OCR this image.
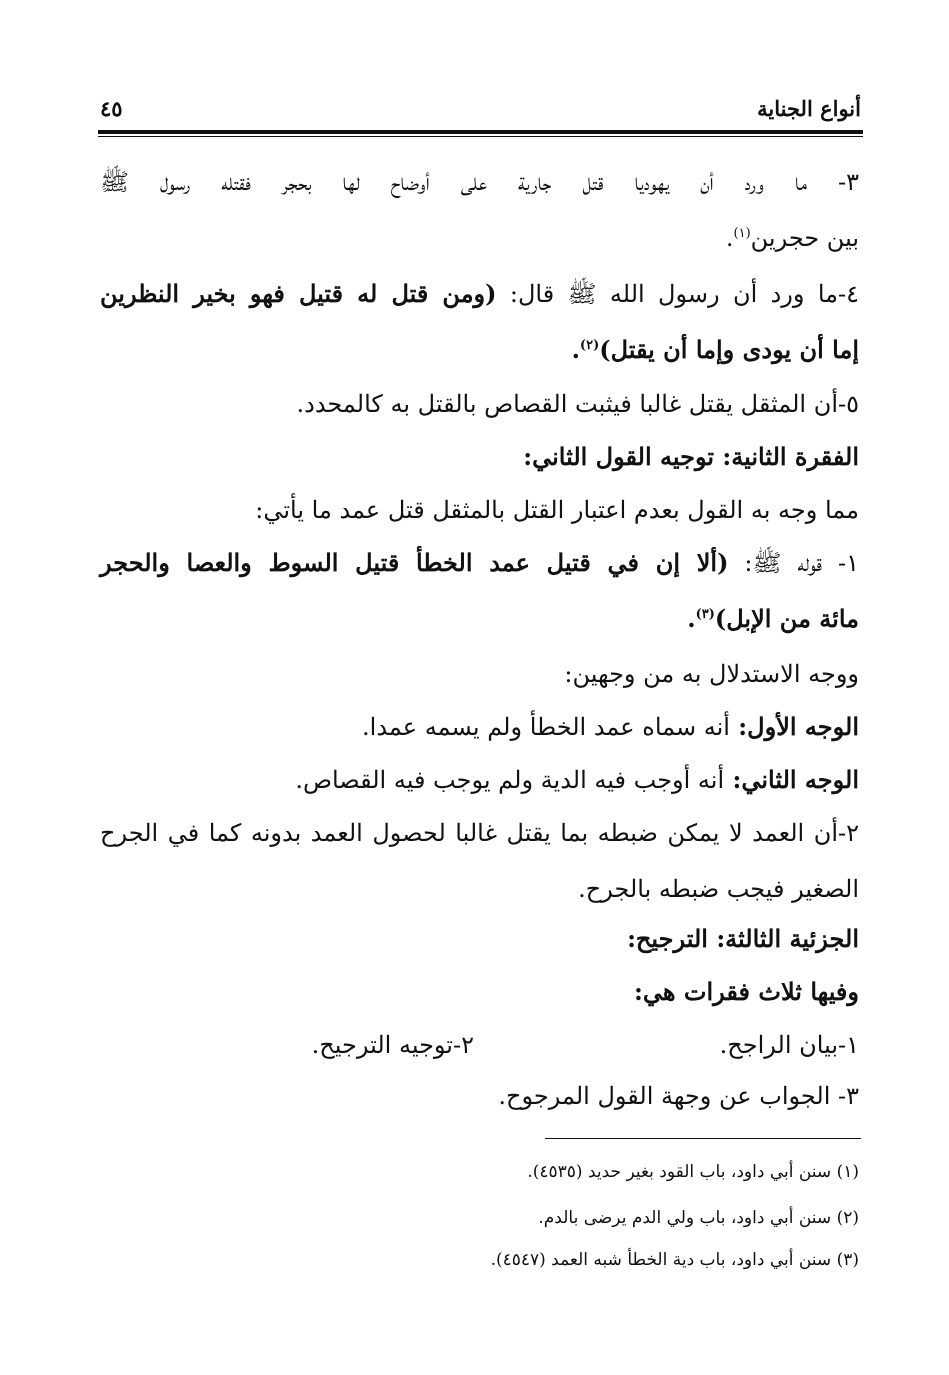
أنواع الجناية
٤٥
٣- ما ورد أن يهوديا قتل جارية على أوضاح لها بحجر فقتله رسول ﷺ
بين حجرين$^{(١)}$.
٤-ما ورد أن رسول الله ﷺ قال: (ومن قتل له قتيل فهو بخير النظرين
إما أن يودى وإما أن يقتل)$^{(٢)}$.
٥-أن المثقل يقتل غالبا فيثبت القصاص بالقتل به كالمحدد.
الفقرة الثانية: توجيه القول الثاني:
مما وجه به القول بعدم اعتبار القتل بالمثقل قتل عمد ما يأتي:
١- قوله ﷺ: (ألا إن في قتيل عمد الخطأ قتيل السوط والعصا والحجر
مائة من الإبل)$^{(٣)}$.
ووجه الاستدلال به من وجهين:
الوجه الأول: أنه سماه عمد الخطأ ولم يسمه عمدا.
الوجه الثاني: أنه أوجب فيه الدية ولم يوجب فيه القصاص.
٢-أن العمد لا يمكن ضبطه بما يقتل غالبا لحصول العمد بدونه كما في الجرح
الصغير فيجب ضبطه بالجرح.
الجزئية الثالثة: الترجيح:
وفيها ثلاث فقرات هي:
١-بيان الراجح.
٢-توجيه الترجيح.
٣- الجواب عن وجهة القول المرجوح.
(١) سنن أبي داود، باب القود بغير حديد (٤٥٣٥).
(٢) سنن أبي داود، باب ولي الدم يرضى بالدم.
(٣) سنن أبي داود، باب دية الخطأ شبه العمد (٤٥٤٧).
